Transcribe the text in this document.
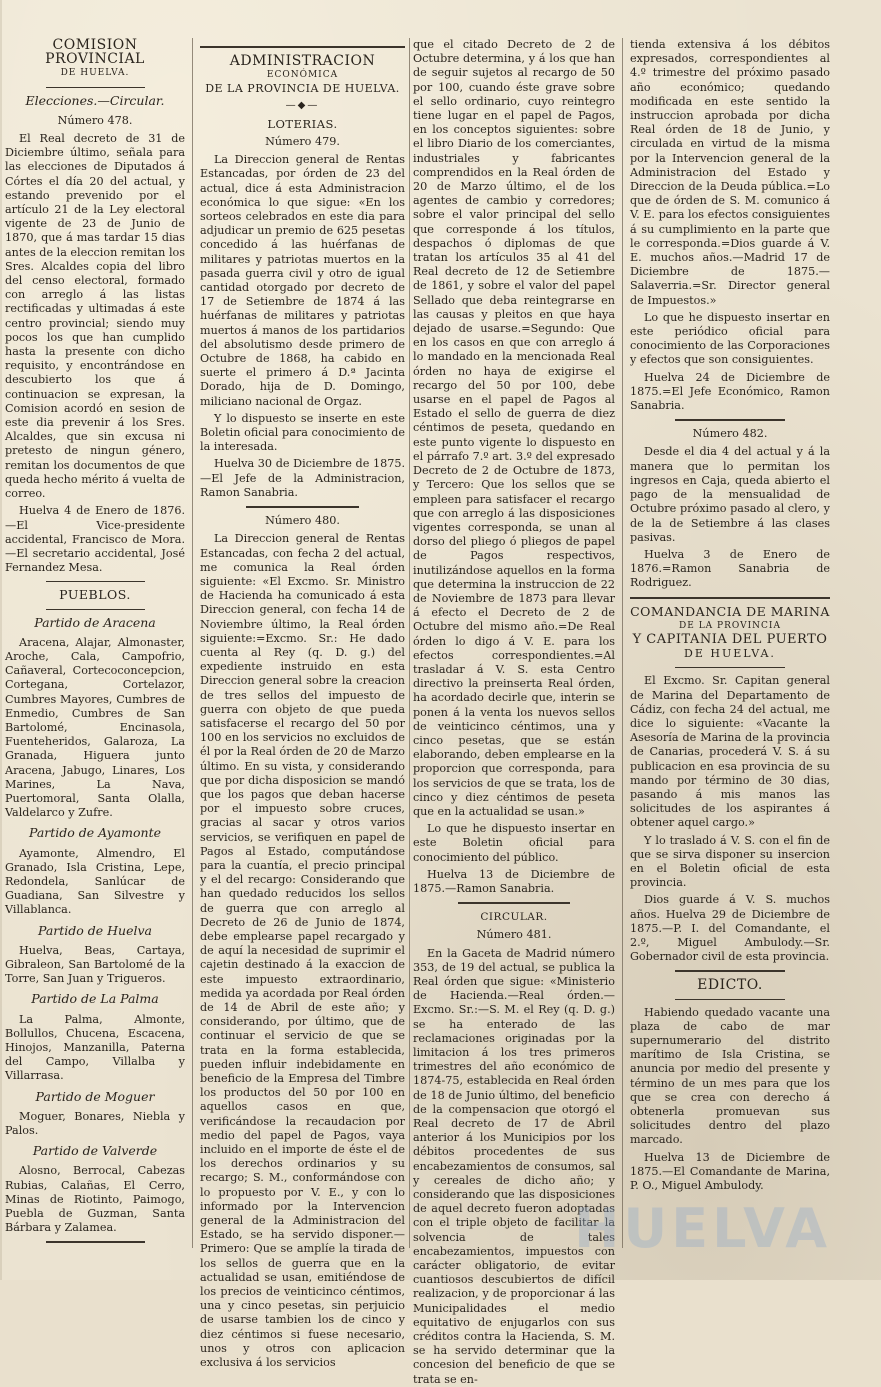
COMISION PROVINCIAL
DE HUELVA.
Elecciones.—Circular.
Número 478.

El Real decreto de 31 de Diciembre último, señala para las elecciones de Diputados á Córtes el día 20 del actual, y estando prevenido por el artículo 21 de la Ley electoral vigente de 23 de Junio de 1870, que á mas tardar 15 dias antes de la eleccion remitan los Sres. Alcaldes copia del libro del censo electoral, formado con arreglo á las listas rectificadas y ultimadas á este centro provincial; siendo muy pocos los que han cumplido hasta la presente con dicho requisito, y encontrándose en descubierto los que á continuacion se expresan, la Comision acordó en sesion de este dia prevenir á los Sres. Alcaldes, que sin excusa ni pretesto de ningun género, remitan los documentos de que queda hecho mérito á vuelta de correo.

Huelva 4 de Enero de 1876.—El Vice-presidente accidental, Francisco de Mora.—El secretario accidental, José Fernandez Mesa.

PUEBLOS.
Partido de Aracena

Aracena, Alajar, Almonaster, Aroche, Cala, Campofrio, Cañaveral, Cortecoconcepcion, Cortegana, Cortelazor, Cumbres Mayores, Cumbres de Enmedio, Cumbres de San Bartolomé, Encinasola, Fuenteheridos, Galaroza, La Granada, Higuera junto Aracena, Jabugo, Linares, Los Marines, La Nava, Puertomoral, Santa Olalla, Valdelarco y Zufre.

Partido de Ayamonte

Ayamonte, Almendro, El Granado, Isla Cristina, Lepe, Redondela, Sanlúcar de Guadiana, San Silvestre y Villablanca.

Partido de Huelva

Huelva, Beas, Cartaya, Gibraleon, San Bartolomé de la Torre, San Juan y Trigueros.

Partido de La Palma

La Palma, Almonte, Bollullos, Chucena, Escacena, Hinojos, Manzanilla, Paterna del Campo, Villalba y Villarrasa.

Partido de Moguer

Moguer, Bonares, Niebla y Palos.

Partido de Valverde

Alosno, Berrocal, Cabezas Rubias, Calañas, El Cerro, Minas de Riotinto, Paimogo, Puebla de Guzman, Santa Bárbara y Zalamea.

ADMINISTRACION
ECONÓMICA
DE LA PROVINCIA DE HUELVA.
—◆—
LOTERIAS.
Número 479.

La Direccion general de Rentas Estancadas, por órden de 23 del actual, dice á esta Administracion económica lo que sigue: «En los sorteos celebrados en este dia para adjudicar un premio de 625 pesetas concedido á las huérfanas de militares y patriotas muertos en la pasada guerra civil y otro de igual cantidad otorgado por decreto de 17 de Setiembre de 1874 á las huérfanas de militares y patriotas muertos á manos de los partidarios del absolutismo desde primero de Octubre de 1868, ha cabido en suerte el primero á D.ª Jacinta Dorado, hija de D. Domingo, miliciano nacional de Orgaz.

Y lo dispuesto se inserte en este Boletin oficial para conocimiento de la interesada.

Huelva 30 de Diciembre de 1875.—El Jefe de la Administracion, Ramon Sanabria.

Número 480.

La Direccion general de Rentas Estancadas, con fecha 2 del actual, me comunica la Real órden siguiente: «El Excmo. Sr. Ministro de Hacienda ha comunicado á esta Direccion general, con fecha 14 de Noviembre último, la Real órden siguiente:=Excmo. Sr.: He dado cuenta al Rey (q. D. g.) del expediente instruido en esta Direccion general sobre la creacion de tres sellos del impuesto de guerra con objeto de que pueda satisfacerse el recargo del 50 por 100 en los servicios no excluidos de él por la Real órden de 20 de Marzo último. En su vista, y considerando que por dicha disposicion se mandó que los pagos que deban hacerse por el impuesto sobre cruces, gracias al sacar y otros varios servicios, se verifiquen en papel de Pagos al Estado, computándose para la cuantía, el precio principal y el del recargo: Considerando que han quedado reducidos los sellos de guerra que con arreglo al Decreto de 26 de Junio de 1874, debe emplearse papel recargado y de aquí la necesidad de suprimir el cajetin destinado á la exaccion de este impuesto extraordinario, medida ya acordada por Real órden de 14 de Abril de este año; y considerando, por último, que de continuar el servicio de que se trata en la forma establecida, pueden influir indebidamente en beneficio de la Empresa del Timbre los productos del 50 por 100 en aquellos casos en que, verificándose la recaudacion por medio del papel de Pagos, vaya incluido en el importe de éste el de los derechos ordinarios y su recargo; S. M., conformándose con lo propuesto por V. E., y con lo informado por la Intervencion general de la Administracion del Estado, se ha servido disponer.—Primero: Que se amplíe la tirada de los sellos de guerra que en la actualidad se usan, emitiéndose de los precios de veinticinco céntimos, una y cinco pesetas, sin perjuicio de usarse tambien los de cinco y diez céntimos si fuese necesario, unos y otros con aplicacion exclusiva á los servicios

que el citado Decreto de 2 de Octubre determina, y á los que han de seguir sujetos al recargo de 50 por 100, cuando éste grave sobre el sello ordinario, cuyo reintegro tiene lugar en el papel de Pagos, en los conceptos siguientes: sobre el libro Diario de los comerciantes, industriales y fabricantes comprendidos en la Real órden de 20 de Marzo último, el de los agentes de cambio y corredores; sobre el valor principal del sello que corresponde á los títulos, despachos ó diplomas de que tratan los artículos 35 al 41 del Real decreto de 12 de Setiembre de 1861, y sobre el valor del papel Sellado que deba reintegrarse en las causas y pleitos en que haya dejado de usarse.=Segundo: Que en los casos en que con arreglo á lo mandado en la mencionada Real órden no haya de exigirse el recargo del 50 por 100, debe usarse en el papel de Pagos al Estado el sello de guerra de diez céntimos de peseta, quedando en este punto vigente lo dispuesto en el párrafo 7.º art. 3.º del expresado Decreto de 2 de Octubre de 1873, y Tercero: Que los sellos que se empleen para satisfacer el recargo que con arreglo á las disposiciones vigentes corresponda, se unan al dorso del pliego ó pliegos de papel de Pagos respectivos, inutilizándose aquellos en la forma que determina la instruccion de 22 de Noviembre de 1873 para llevar á efecto el Decreto de 2 de Octubre del mismo año.=De Real órden lo digo á V. E. para los efectos correspondientes.=Al trasladar á V. S. esta Centro directivo la preinserta Real órden, ha acordado decirle que, interin se ponen á la venta los nuevos sellos de veinticinco céntimos, una y cinco pesetas, que se están elaborando, deben emplearse en la proporcion que corresponda, para los servicios de que se trata, los de cinco y diez céntimos de peseta que en la actualidad se usan.»

Lo que he dispuesto insertar en este Boletin oficial para conocimiento del público.

Huelva 13 de Diciembre de 1875.—Ramon Sanabria.

CIRCULAR.
Número 481.

En la Gaceta de Madrid número 353, de 19 del actual, se publica la Real órden que sigue: «Ministerio de Hacienda.—Real órden.—Excmo. Sr.:—S. M. el Rey (q. D. g.) se ha enterado de las reclamaciones originadas por la limitacion á los tres primeros trimestres del año económico de 1874-75, establecida en Real órden de 18 de Junio último, del beneficio de la compensacion que otorgó el Real decreto de 17 de Abril anterior á los Municipios por los débitos procedentes de sus encabezamientos de consumos, sal y cereales de dicho año; y considerando que las disposiciones de aquel decreto fueron adoptadas con el triple objeto de facilitar la solvencia de tales encabezamientos, impuestos con carácter obligatorio, de evitar cuantiosos descubiertos de difícil realizacion, y de proporcionar á las Municipalidades el medio equitativo de enjugarlos con sus créditos contra la Hacienda, S. M. se ha servido determinar que la concesion del beneficio de que se trata se en-

tienda extensiva á los débitos expresados, correspondientes al 4.º trimestre del próximo pasado año económico; quedando modificada en este sentido la instruccion aprobada por dicha Real órden de 18 de Junio, y circulada en virtud de la misma por la Intervencion general de la Administracion del Estado y Direccion de la Deuda pública.=Lo que de órden de S. M. comunico á V. E. para los efectos consiguientes á su cumplimiento en la parte que le corresponda.=Dios guarde á V. E. muchos años.—Madrid 17 de Diciembre de 1875.—Salaverria.=Sr. Director general de Impuestos.»

Lo que he dispuesto insertar en este periódico oficial para conocimiento de las Corporaciones y efectos que son consiguientes.

Huelva 24 de Diciembre de 1875.=El Jefe Económico, Ramon Sanabria.

Número 482.

Desde el dia 4 del actual y á la manera que lo permitan los ingresos en Caja, queda abierto el pago de la mensualidad de Octubre próximo pasado al clero, y de la de Setiembre á las clases pasivas.

Huelva 3 de Enero de 1876.=Ramon Sanabria de Rodriguez.

COMANDANCIA DE MARINA
DE LA PROVINCIA
Y CAPITANIA DEL PUERTO
DE HUELVA.

El Excmo. Sr. Capitan general de Marina del Departamento de Cádiz, con fecha 24 del actual, me dice lo siguiente: «Vacante la Asesoría de Marina de la provincia de Canarias, procederá V. S. á su publicacion en esa provincia de su mando por término de 30 dias, pasando á mis manos las solicitudes de los aspirantes á obtener aquel cargo.»

Y lo traslado á V. S. con el fin de que se sirva disponer su insercion en el Boletin oficial de esta provincia.

Dios guarde á V. S. muchos años. Huelva 29 de Diciembre de 1875.—P. I. del Comandante, el 2.º, Miguel Ambulody.—Sr. Gobernador civil de esta provincia.

EDICTO.

Habiendo quedado vacante una plaza de cabo de mar supernumerario del distrito marítimo de Isla Cristina, se anuncia por medio del presente y término de un mes para que los que se crea con derecho á obtenerla promuevan sus solicitudes dentro del plazo marcado.

Huelva 13 de Diciembre de 1875.—El Comandante de Marina, P. O., Miguel Ambulody.

HUELVA
